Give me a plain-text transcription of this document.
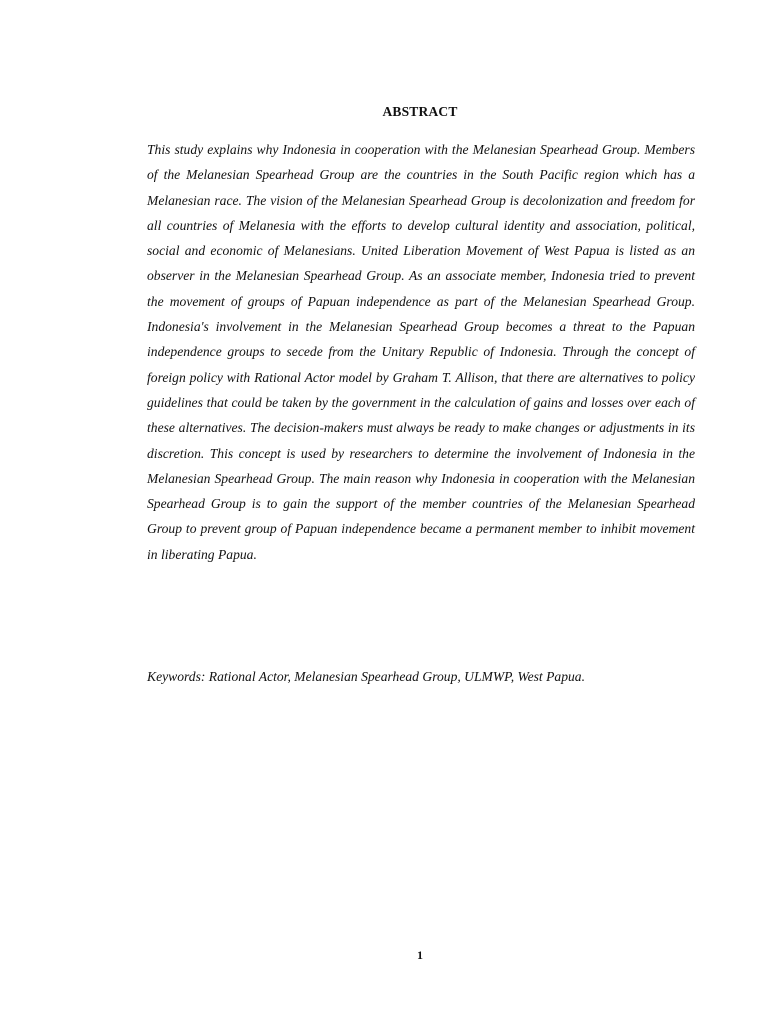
ABSTRACT

This study explains why Indonesia in cooperation with the Melanesian Spearhead Group. Members of the Melanesian Spearhead Group are the countries in the South Pacific region which has a Melanesian race. The vision of the Melanesian Spearhead Group is decolonization and freedom for all countries of Melanesia with the efforts to develop cultural identity and association, political, social and economic of Melanesians. United Liberation Movement of West Papua is listed as an observer in the Melanesian Spearhead Group. As an associate member, Indonesia tried to prevent the movement of groups of Papuan independence as part of the Melanesian Spearhead Group. Indonesia's involvement in the Melanesian Spearhead Group becomes a threat to the Papuan independence groups to secede from the Unitary Republic of Indonesia. Through the concept of foreign policy with Rational Actor model by Graham T. Allison, that there are alternatives to policy guidelines that could be taken by the government in the calculation of gains and losses over each of these alternatives. The decision-makers must always be ready to make changes or adjustments in its discretion. This concept is used by researchers to determine the involvement of Indonesia in the Melanesian Spearhead Group. The main reason why Indonesia in cooperation with the Melanesian Spearhead Group is to gain the support of the member countries of the Melanesian Spearhead Group to prevent group of Papuan independence became a permanent member to inhibit movement in liberating Papua.

Keywords: Rational Actor, Melanesian Spearhead Group, ULMWP, West Papua.

1
